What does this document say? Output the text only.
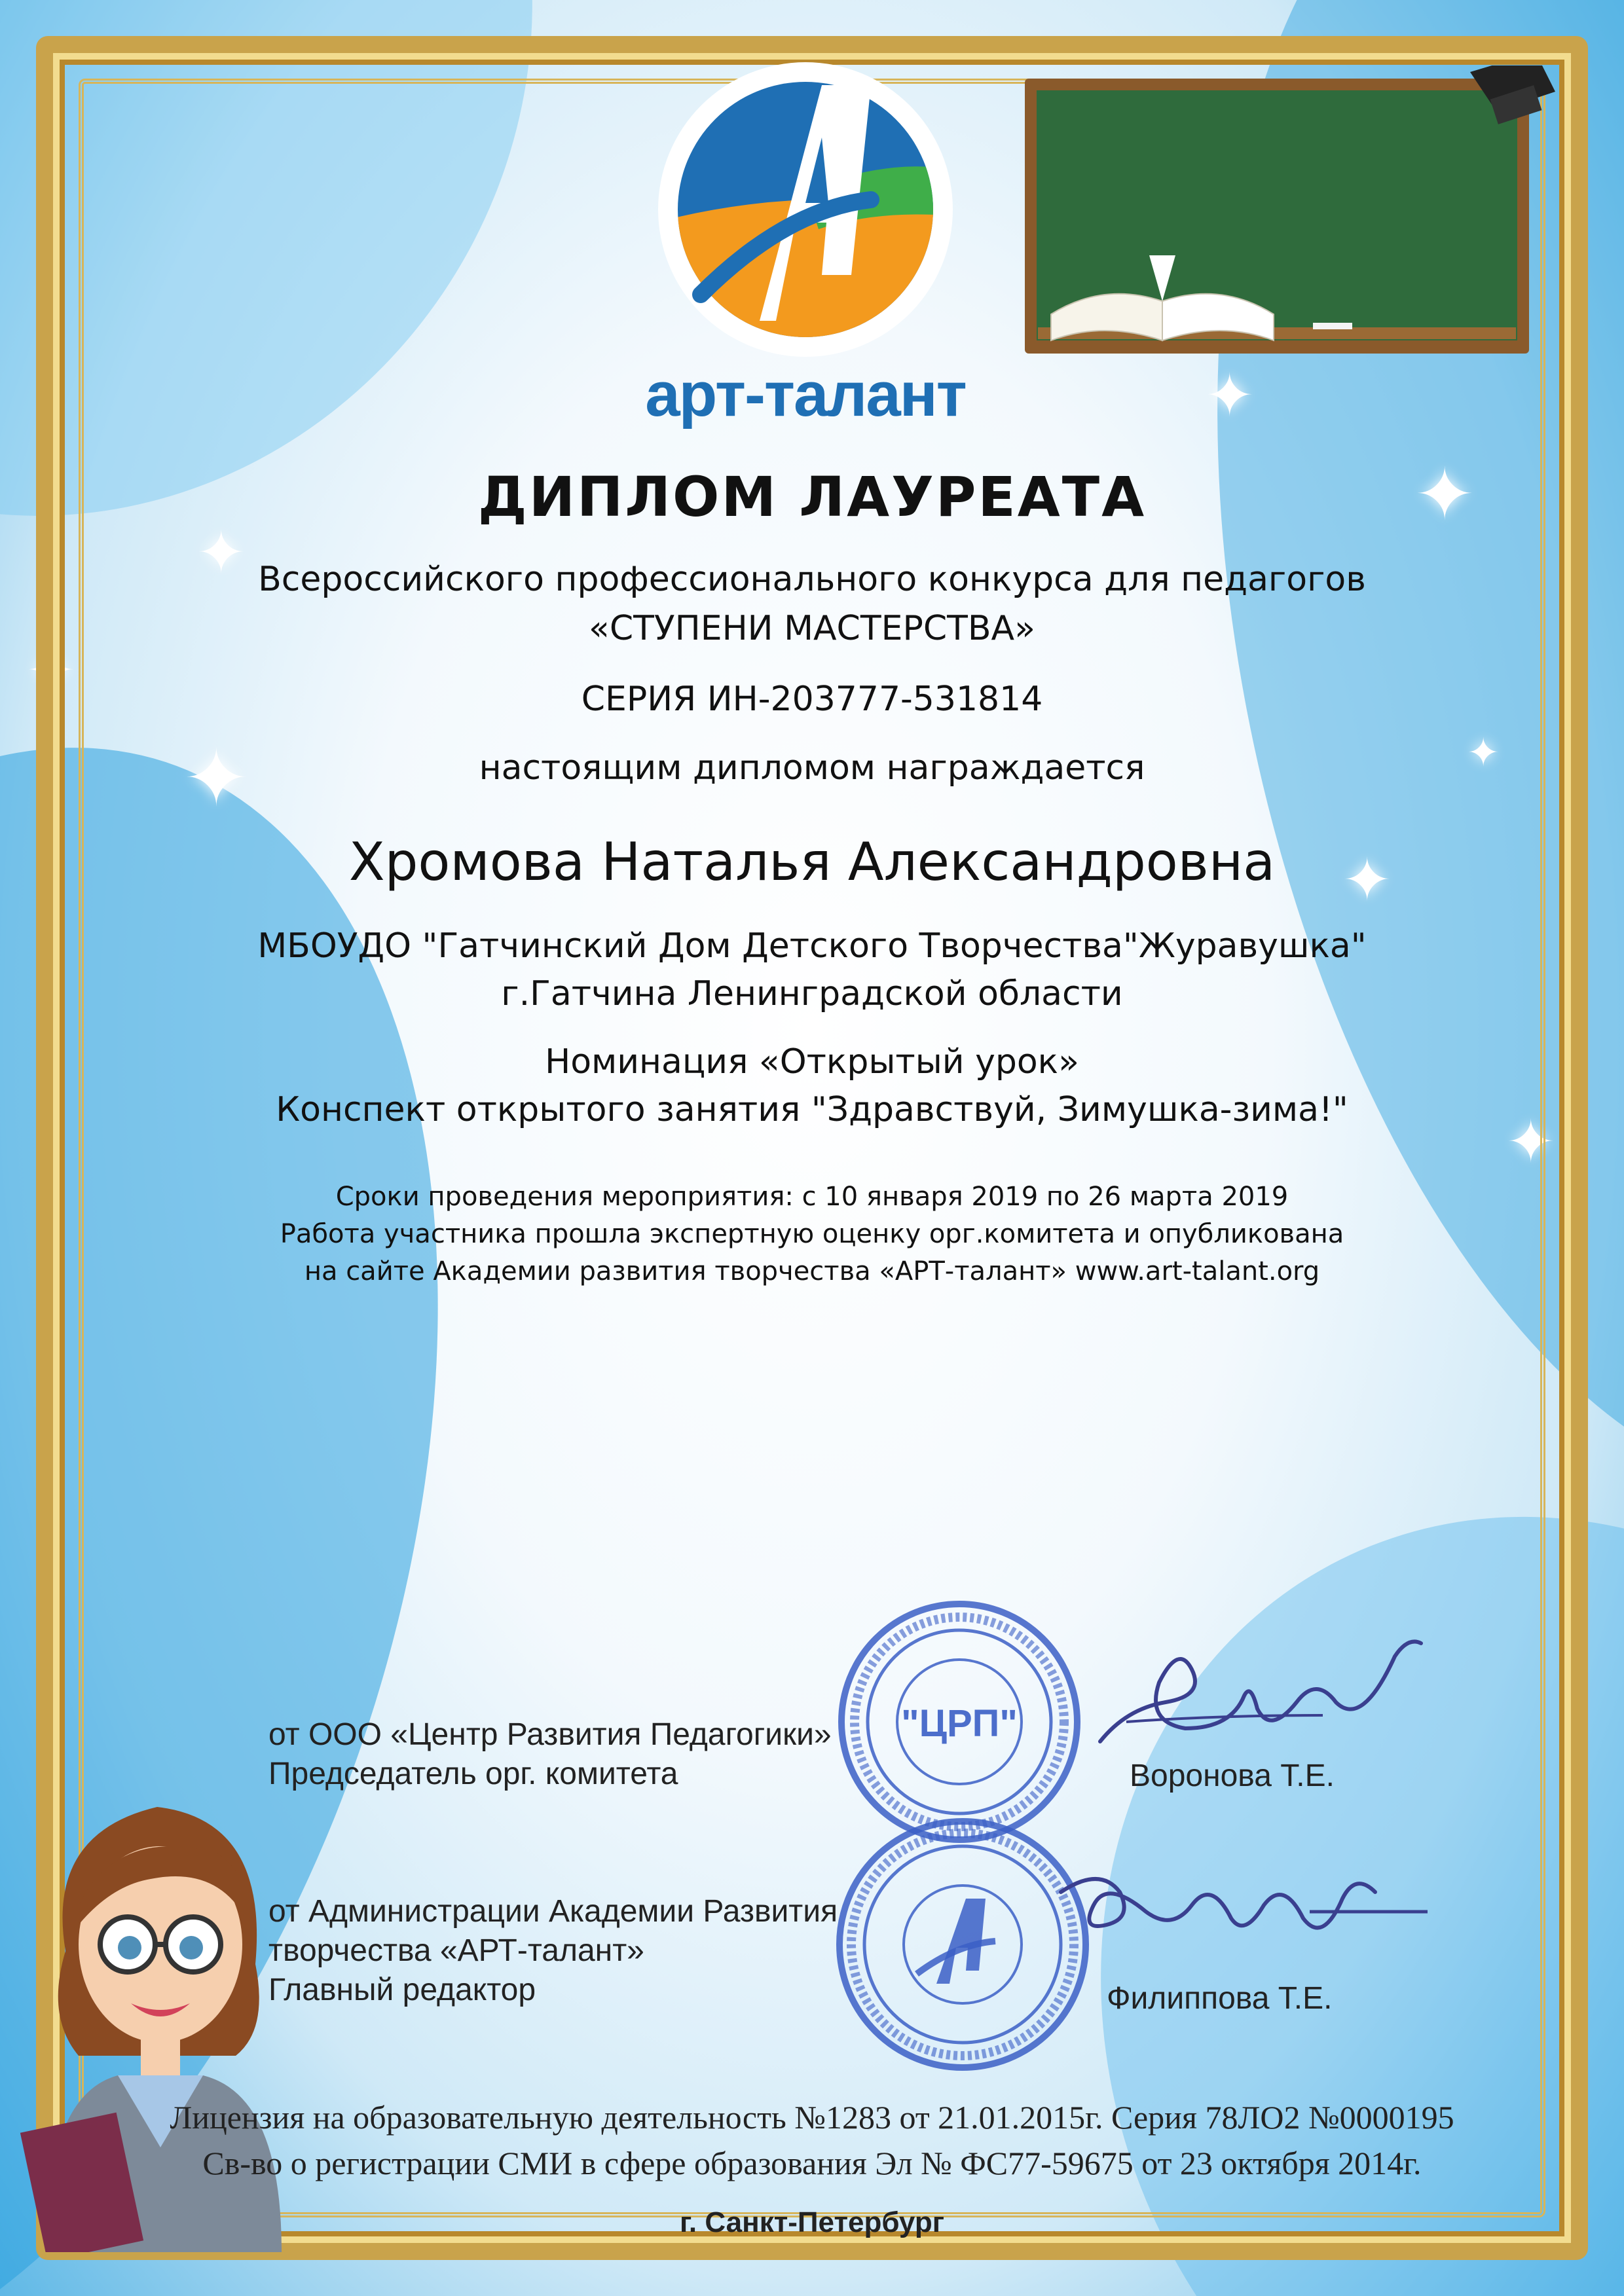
✦
✦
✦
✦
✦
✦
✦
✦
арт-талант
ДИПЛОМ ЛАУРЕАТА
Всероссийского профессионального конкурса для педагогов
«СТУПЕНИ МАСТЕРСТВА»
СЕРИЯ ИН-203777-531814
настоящим дипломом награждается
Хромова Наталья Александровна
МБОУДО "Гатчинский Дом Детского Творчества"Журавушка"
г.Гатчина Ленинградской области
Номинация «Открытый урок»
Конспект открытого занятия "Здравствуй, Зимушка-зима!"
Сроки проведения мероприятия: с 10 января 2019 по 26 марта 2019
Работа участника прошла экспертную оценку орг.комитета и опубликована
на сайте Академии развития творчества «АРТ-талант» www.art-talant.org
от ООО «Центр Развития Педагогики»
Председатель орг. комитета
"ЦРП"
Воронова Т.Е.
от Администрации Академии Развития
творчества «АРТ-талант»
Главный редактор	Филиппова Т.Е.
Лицензия на образовательную деятельность №1283 от 21.01.2015г. Серия 78ЛО2 №0000195
Св-во о регистрации СМИ в сфере образования Эл № ФС77-59675 от 23 октября 2014г.
г. Санкт-Петербург
